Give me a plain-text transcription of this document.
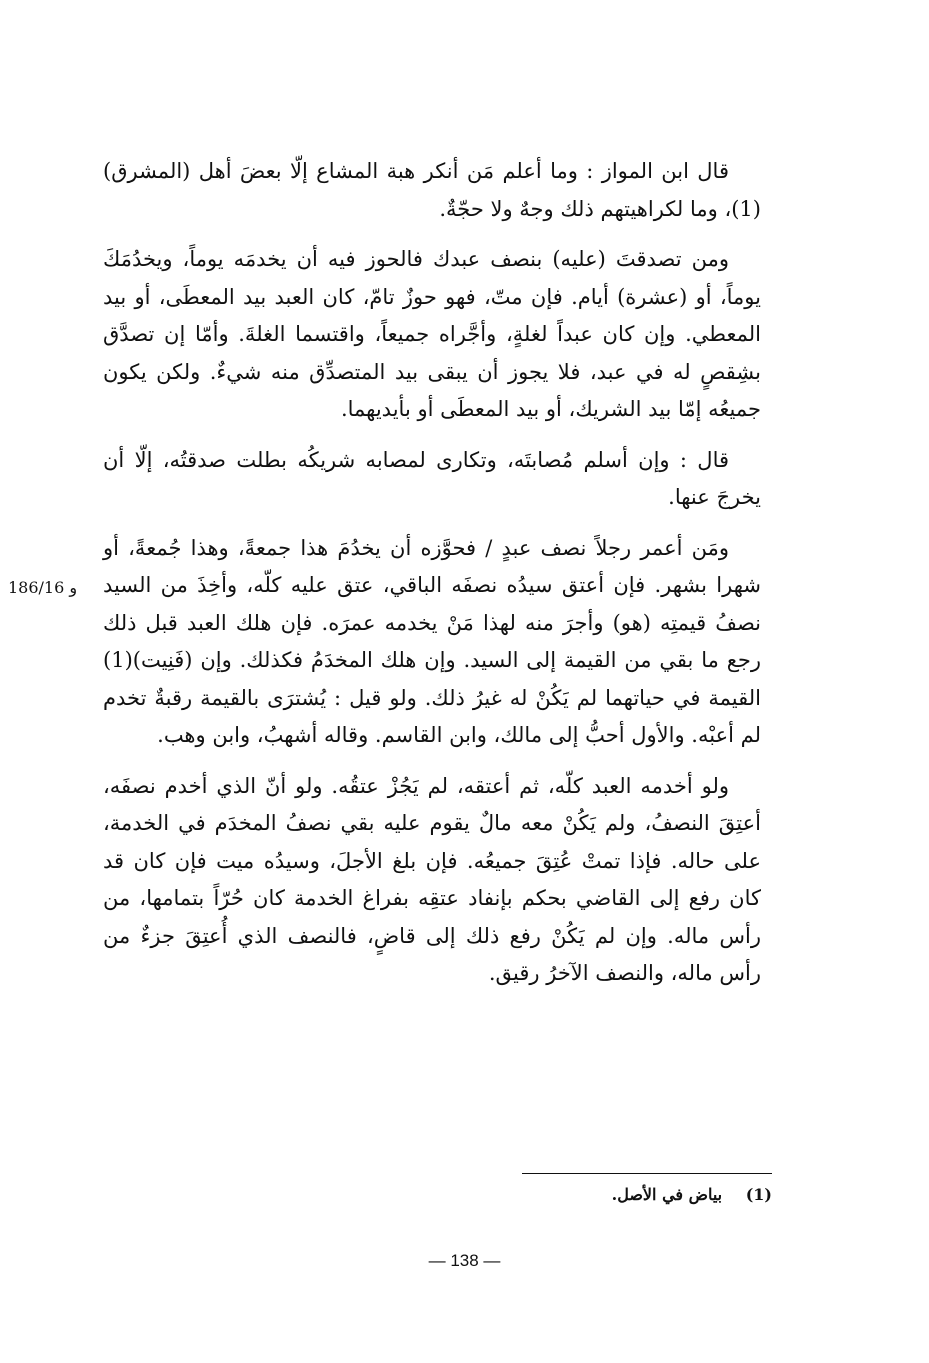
قال ابن المواز : وما أعلم مَن أنكر هبة المشاع إلّا بعضَ أهل (المشرق)(1)، وما لكراهيتهم ذلك وجهٌ ولا حجّةٌ.

ومن تصدقتَ (عليه) بنصف عبدك فالحوز فيه أن يخدمَه يوماً، ويخدُمَكَ يوماً، أو (عشرة) أيام. فإن متّ، فهو حوزٌ تامّ، كان العبد بيد المعطَى، أو بيد المعطي. وإن كان عبداً لغلةٍ، وأجَّراه جميعاً، واقتسما الغلةَ. وأمّا إن تصدَّق بشِقصٍ له في عبد، فلا يجوز أن يبقى بيد المتصدِّق منه شيءٌ. ولكن يكون جميعُه إمّا بيد الشريك، أو بيد المعطَى أو بأيديهما.

قال : وإن أسلم مُصابتَه، وتكارى لمصابه شريكُه بطلت صدقتُه، إلّا أن يخرجَ عنها.

ومَن أعمر رجلاً نصف عبدٍ / فحوَّزه أن يخدُمَ هذا جمعةً، وهذا جُمعةً، أو شهرا بشهر. فإن أعتق سيدُه نصفَه الباقي، عتق عليه كلّه، وأخِذَ من السيد نصفُ قيمتِه (هو) وأجرَ منه لهذا مَنْ يخدمه عمرَه. فإن هلك العبد قبل ذلك رجع ما بقي من القيمة إلى السيد. وإن هلك المخدَمُ فكذلك. وإن (فَنِيت)(1) القيمة في حياتهما لم يَكُنْ له غيرُ ذلك. ولو قيل : يُشترَى بالقيمة رقبةٌ تخدم لم أعبْه. والأول أحبُّ إلى مالك، وابن القاسم. وقاله أشهبُ، وابن وهب.

ولو أخدمه العبد كلّه، ثم أعتقه، لم يَجُزْ عتقُه. ولو أنّ الذي أخدم نصفَه، أعتِقَ النصفُ، ولم يَكُنْ معه مالٌ يقوم عليه بقي نصفُ المخدَم في الخدمة، على حاله. فإذا تمتْ عُتِقَ جميعُه. فإن بلغ الأجلَ، وسيدُه ميت فإن كان قد كان رفع إلى القاضي بحكم بإنفاد عتقِه بفراغ الخدمة كان حُرّاً بتمامها، من رأس ماله. وإن لم يَكُنْ رفع ذلك إلى قاضٍ، فالنصف الذي أُعتِقَ جزءٌ من رأس ماله، والنصف الآخرُ رقيق.

186/16 و
(1) بياض في الأصل.
— 138 —
